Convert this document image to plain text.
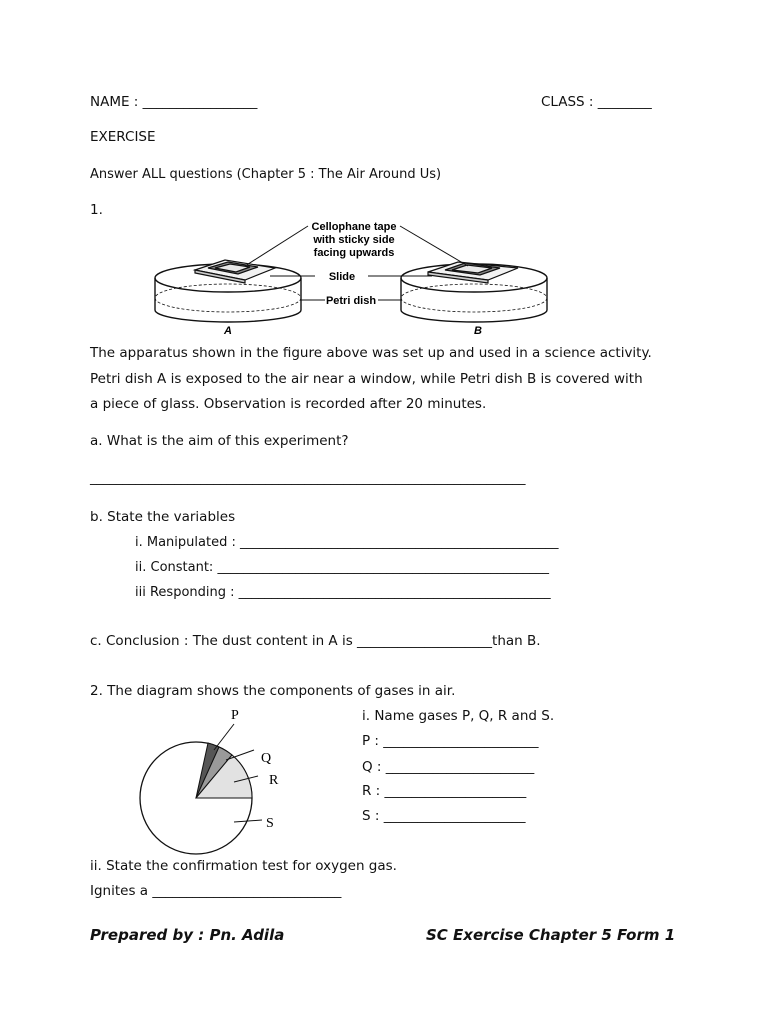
NAME : _________________	CLASS : ________
EXERCISE
Answer ALL questions (Chapter 5 : The Air Around Us)
1.
Cellophane tape
with sticky side
facing upwards
Slide
Petri dish
A	B
The apparatus shown in the figure above was set up and used in a science activity.
Petri dish A is exposed to the air near a window, while Petri dish B is covered with
a piece of glass. Observation is recorded after 20 minutes.
a. What is the aim of this experiment?
___________________________________________________________________
b. State the variables
i. Manipulated : _________________________________________________
ii. Constant: ___________________________________________________
iii Responding : ________________________________________________
c. Conclusion : The dust content in A is ____________________than B.
2. The diagram shows the components of gases in air.
P
Q
R
S
i. Name gases P, Q, R and S.
P : _______________________
Q : ______________________
R : _____________________
S : _____________________
ii. State the confirmation test for oxygen gas.
Ignites a ____________________________
Prepared by : Pn. Adila	SC Exercise Chapter 5 Form 1
